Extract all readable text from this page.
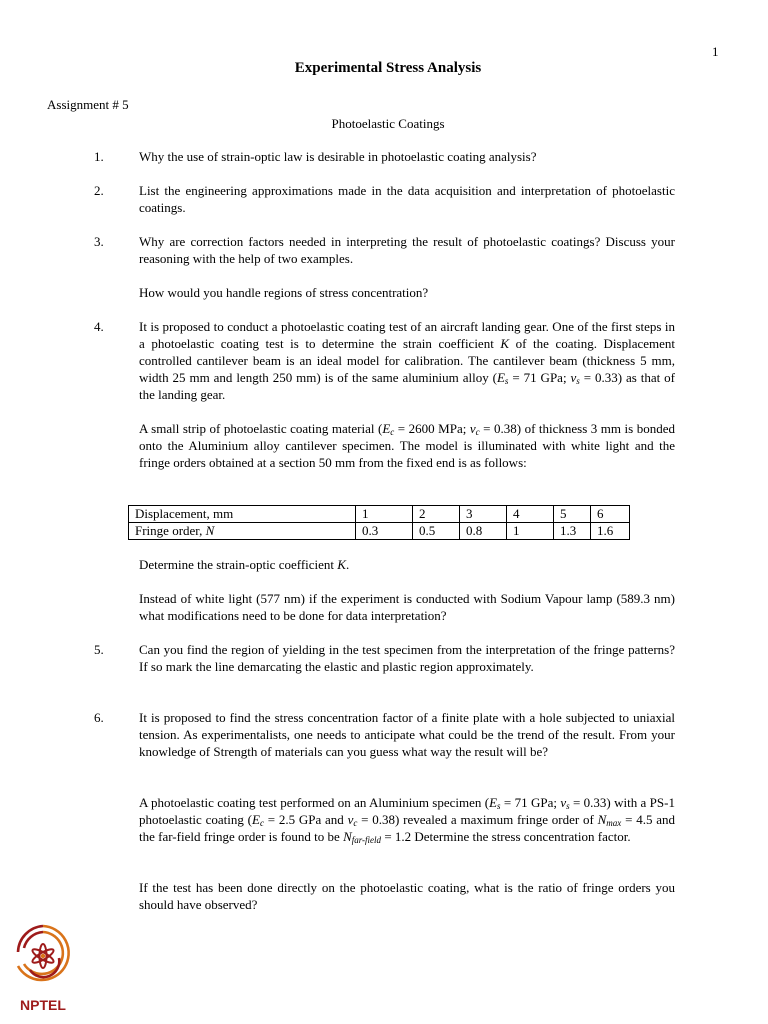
1
Experimental Stress Analysis
Assignment # 5
Photoelastic Coatings
1.	Why the use of strain-optic law is desirable in photoelastic coating analysis?
2.	List the engineering approximations made in the data acquisition and interpretation of photoelastic coatings.
3.	Why are correction factors needed in interpreting the result of photoelastic coatings? Discuss your reasoning with the help of two examples.
How would you handle regions of stress concentration?
4.	It is proposed to conduct a photoelastic coating test of an aircraft landing gear. One of the first steps in a photoelastic coating test is to determine the strain coefficient K of the coating. Displacement controlled cantilever beam is an ideal model for calibration. The cantilever beam (thickness 5 mm, width 25 mm and length 250 mm) is of the same aluminium alloy ($E_s = 71$ GPa; $\nu_s = 0.33$) as that of the landing gear.
A small strip of photoelastic coating material ($E_c = 2600$ MPa; $\nu_c = 0.38$) of thickness 3 mm is bonded onto the Aluminium alloy cantilever specimen. The model is illuminated with white light and the fringe orders obtained at a section 50 mm from the fixed end is as follows:
Displacement, mm	1	2	3	4	5	6
Fringe order, N	0.3	0.5	0.8	1	1.3	1.6
Determine the strain-optic coefficient K.
Instead of white light (577 nm) if the experiment is conducted with Sodium Vapour lamp (589.3 nm) what modifications need to be done for data interpretation?
5.	Can you find the region of yielding in the test specimen from the interpretation of the fringe patterns? If so mark the line demarcating the elastic and plastic region approximately.
6.	It is proposed to find the stress concentration factor of a finite plate with a hole subjected to uniaxial tension. As experimentalists, one needs to anticipate what could be the trend of the result. From your knowledge of Strength of materials can you guess what way the result will be?
A photoelastic coating test performed on an Aluminium specimen ($E_s = 71$ GPa; $\nu_s = 0.33$) with a PS-1 photoelastic coating ($E_c = 2.5$ GPa and $\nu_c = 0.38$) revealed a maximum fringe order of $N_{max} = 4.5$ and the far-field fringe order is found to be $N_{far-field} = 1.2$ Determine the stress concentration factor.
If the test has been done directly on the photoelastic coating, what is the ratio of fringe orders you should have observed?
NPTEL
